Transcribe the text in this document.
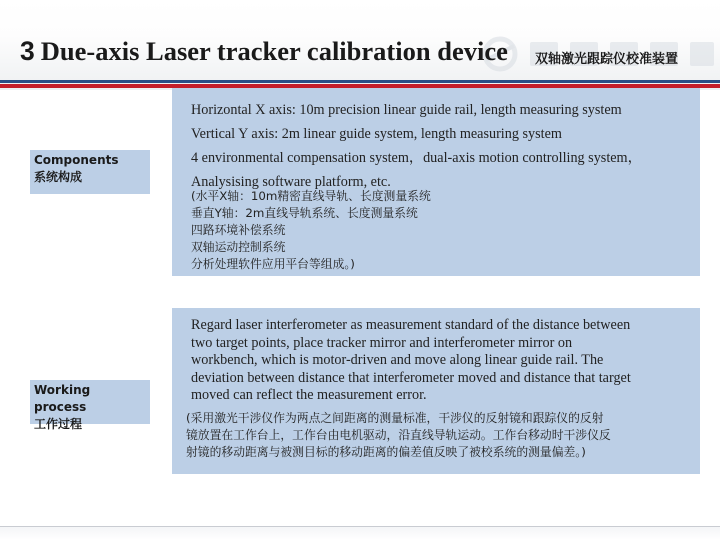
3 Due-axis Laser tracker calibration device 双轴激光跟踪仪校准装置
Components
系统构成
Working process
工作过程
Horizontal X axis: 10m precision linear guide rail, length measuring system
Vertical Y axis: 2m linear guide system, length measuring system
4 environmental compensation system，dual-axis motion controlling system，
Analysising software platform, etc.
(水平X轴：10m精密直线导轨、长度测量系统
垂直Y轴：2m直线导轨系统、长度测量系统
四路环境补偿系统
双轴运动控制系统
分析处理软件应用平台等组成。)
Regard laser interferometer as measurement standard of the distance between
two target points, place tracker mirror and interferometer mirror on
workbench, which is motor-driven and move along linear guide rail. The
deviation between distance that interferometer moved and distance that target
moved can reflect the measurement error.
(采用激光干涉仪作为两点之间距离的测量标准，干涉仪的反射镜和跟踪仪的反射
镜放置在工作台上，工作台由电机驱动，沿直线导轨运动。工作台移动时干涉仪反
射镜的移动距离与被测目标的移动距离的偏差值反映了被校系统的测量偏差。)
